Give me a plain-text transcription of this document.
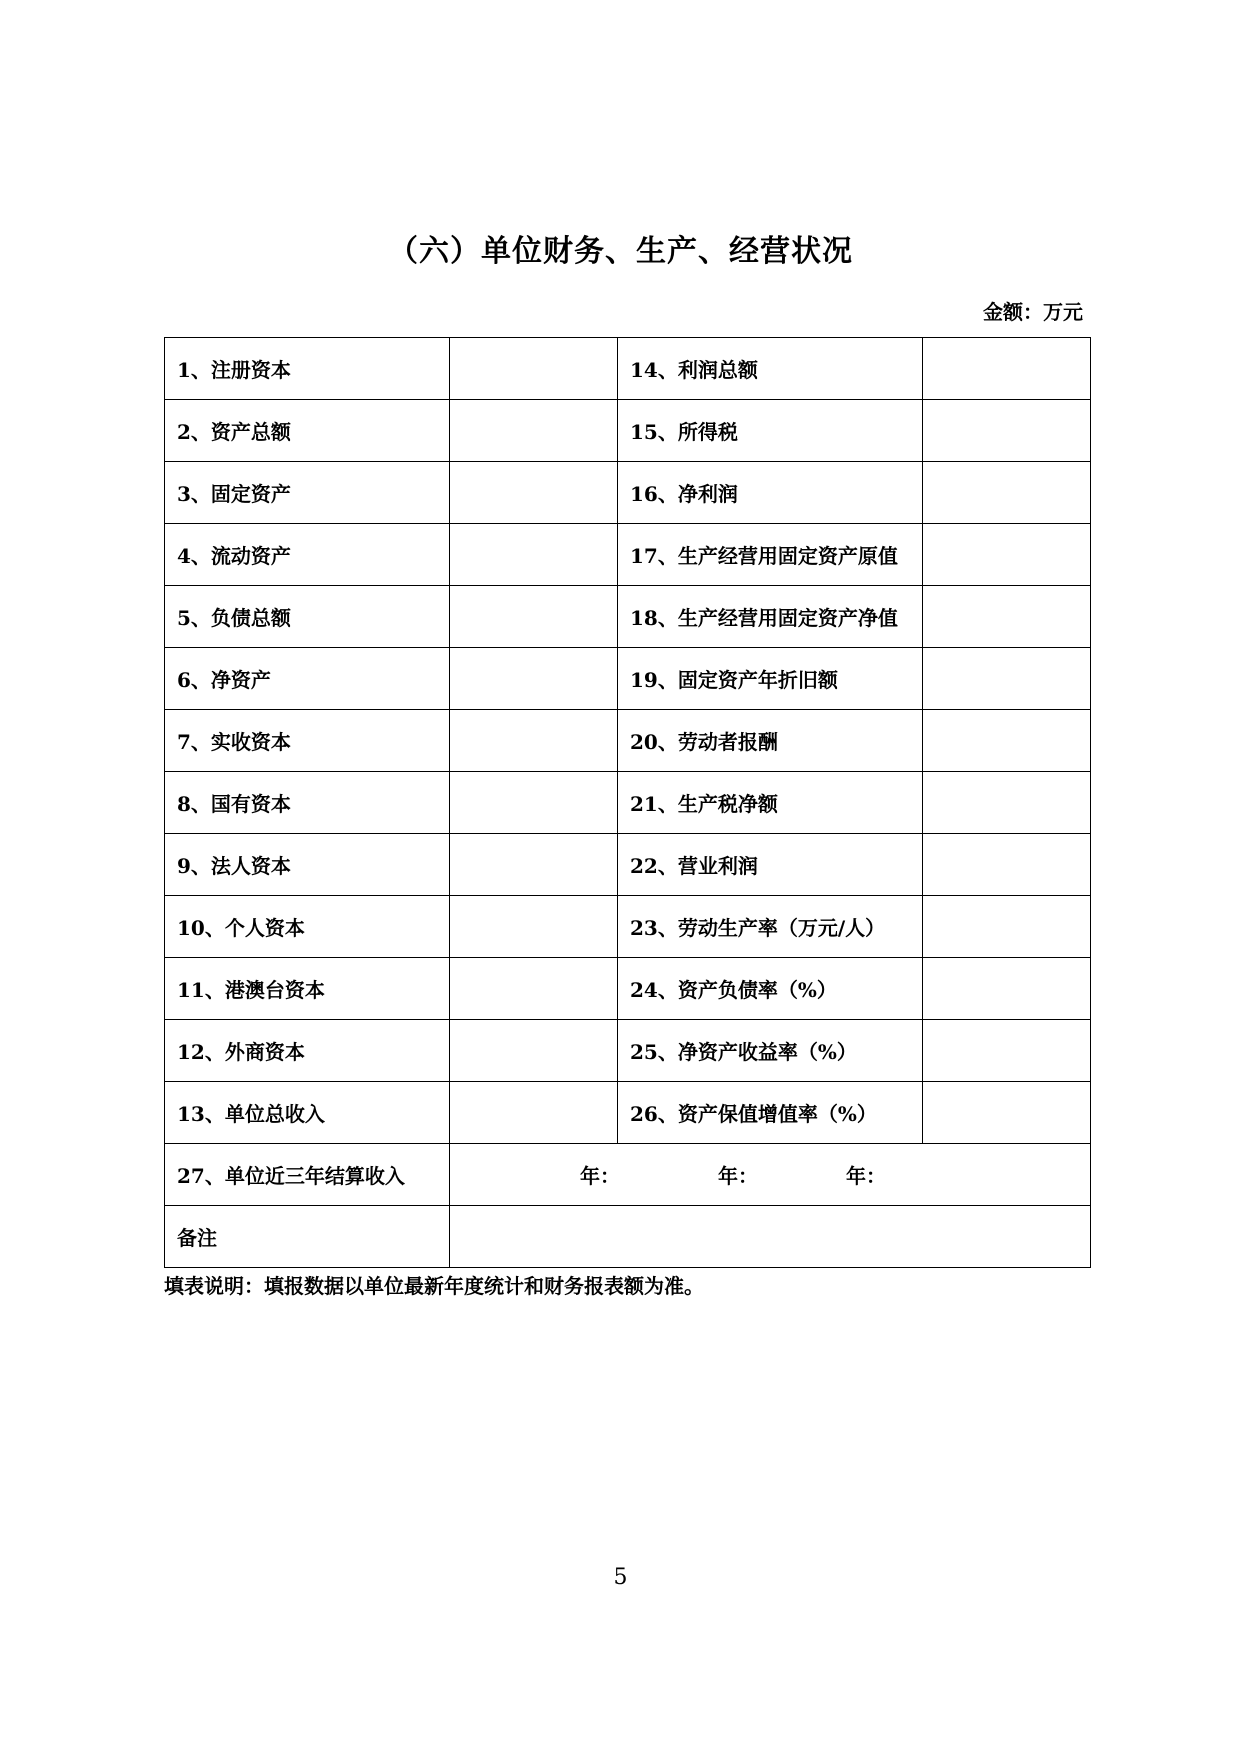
（六）单位财务、生产、经营状况
金额：万元
1、注册资本		14、利润总额	
2、资产总额		15、所得税	
3、固定资产		16、净利润	
4、流动资产		17、生产经营用固定资产原值	
5、负债总额		18、生产经营用固定资产净值	
6、净资产		19、固定资产年折旧额	
7、实收资本		20、劳动者报酬	
8、国有资本		21、生产税净额	
9、法人资本		22、营业利润	
10、个人资本		23、劳动生产率（万元/人）	
11、港澳台资本		24、资产负债率（%）	
12、外商资本		25、净资产收益率（%）	
13、单位总收入		26、资产保值增值率（%）	
27、单位近三年结算收入	年： 年： 年：		

备注			
填表说明：填报数据以单位最新年度统计和财务报表额为准。
5
